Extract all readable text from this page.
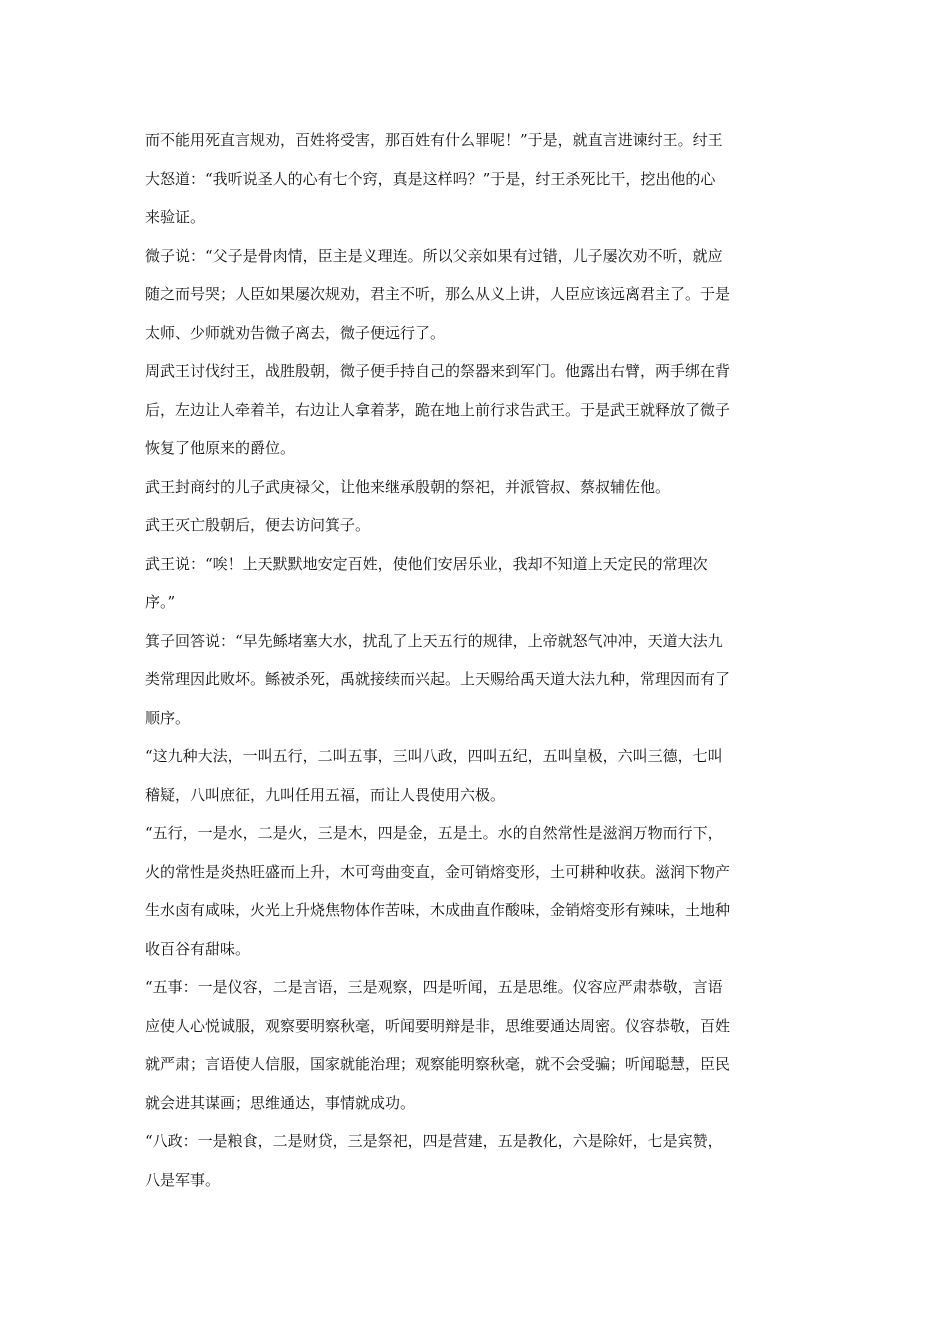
而不能用死直言规劝，百姓将受害，那百姓有什么罪呢！”于是，就直言进谏纣王。纣王
大怒道：“我听说圣人的心有七个窍，真是这样吗？”于是，纣王杀死比干，挖出他的心
来验证。
微子说：“父子是骨肉情，臣主是义理连。所以父亲如果有过错，儿子屡次劝不听，就应
随之而号哭；人臣如果屡次规劝，君主不听，那么从义上讲，人臣应该远离君主了。于是
太师、少师就劝告微子离去，微子便远行了。
周武王讨伐纣王，战胜殷朝，微子便手持自己的祭器来到军门。他露出右臂，两手绑在背
后，左边让人牵着羊，右边让人拿着茅，跪在地上前行求告武王。于是武王就释放了微子
恢复了他原来的爵位。
武王封商纣的儿子武庚禄父，让他来继承殷朝的祭祀，并派管叔、蔡叔辅佐他。
武王灭亡殷朝后，便去访问箕子。
武王说：“唉！上天默默地安定百姓，使他们安居乐业，我却不知道上天定民的常理次
序。”
箕子回答说：“早先鲧堵塞大水，扰乱了上天五行的规律，上帝就怒气冲冲，天道大法九
类常理因此败坏。鲧被杀死，禹就接续而兴起。上天赐给禹天道大法九种，常理因而有了
顺序。
“这九种大法，一叫五行，二叫五事，三叫八政，四叫五纪，五叫皇极，六叫三德，七叫
稽疑，八叫庶征，九叫任用五福，而让人畏使用六极。
“五行，一是水，二是火，三是木，四是金，五是土。水的自然常性是滋润万物而行下，
火的常性是炎热旺盛而上升，木可弯曲变直，金可销熔变形，土可耕种收获。滋润下物产
生水卤有咸味，火光上升烧焦物体作苦味，木成曲直作酸味，金销熔变形有辣味，土地种
收百谷有甜味。
“五事：一是仪容，二是言语，三是观察，四是听闻，五是思维。仪容应严肃恭敬，言语
应使人心悦诚服，观察要明察秋毫，听闻要明辩是非，思维要通达周密。仪容恭敬，百姓
就严肃；言语使人信服，国家就能治理；观察能明察秋毫，就不会受骗；听闻聪慧，臣民
就会进其谋画；思维通达，事情就成功。
“八政：一是粮食，二是财贷，三是祭祀，四是营建，五是教化，六是除奸，七是宾赞，
八是军事。
